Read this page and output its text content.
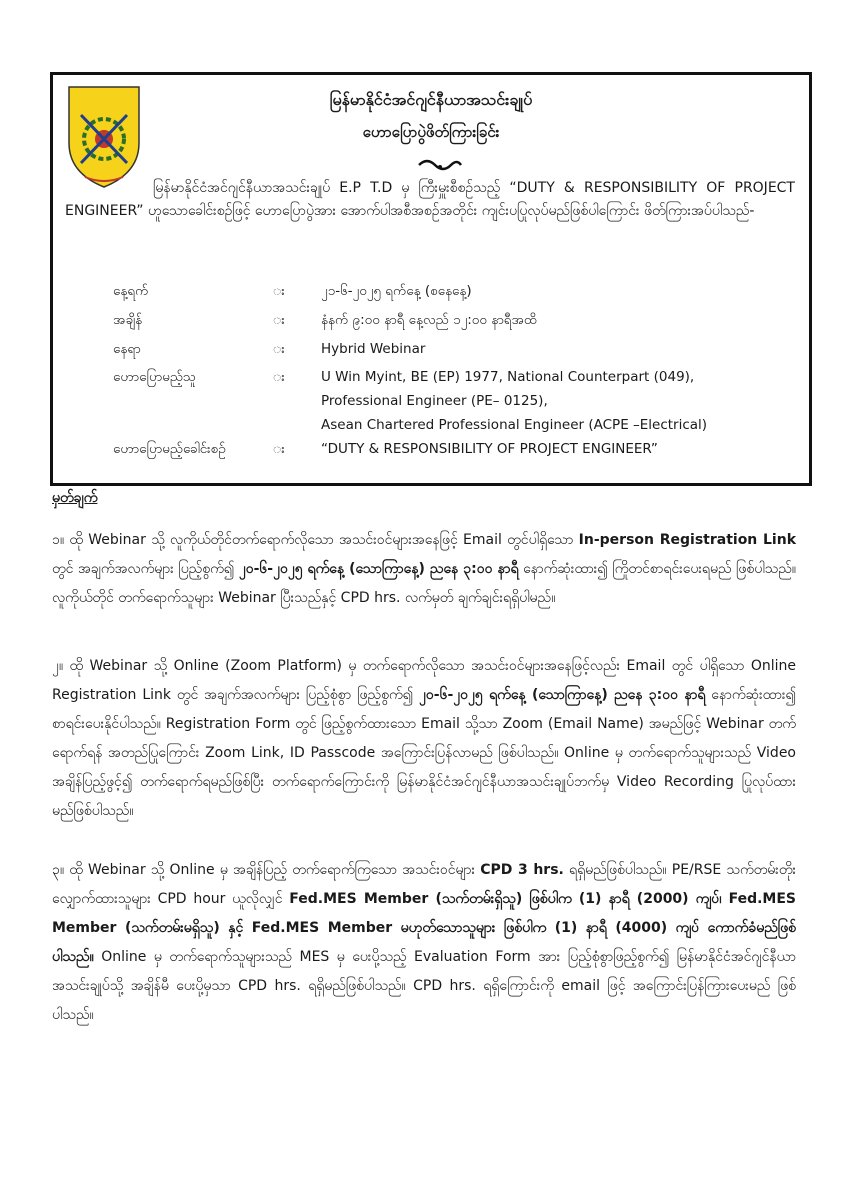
မြန်မာနိုင်ငံအင်ဂျင်နီယာအသင်းချုပ်
ဟောပြောပွဲဖိတ်ကြားခြင်း
မြန်မာနိုင်ငံအင်ဂျင်နီယာအသင်းချုပ် E.P T.D မှ ကြီးမှူးစီစဉ်သည့် “DUTY & RESPONSIBILITY OF PROJECT ENGINEER” ဟူသောခေါင်းစဉ်ဖြင့် ဟောပြောပွဲအား အောက်ပါအစီအစဉ်အတိုင်း ကျင်းပပြုလုပ်မည်ဖြစ်ပါကြောင်း ဖိတ်ကြားအပ်ပါသည်-
နေ့ရက်	း	၂၁-၆-၂၀၂၅ ရက်နေ့ (စနေနေ့)
အချိန်	း	နံနက် ၉:၀၀ နာရီ နေ့လည် ၁၂:၀၀ နာရီအထိ
နေရာ	း	Hybrid Webinar
ဟောပြောမည့်သူ	း	U Win Myint, BE (EP) 1977, National Counterpart (049),
Professional Engineer (PE– 0125),
Asean Chartered Professional Engineer (ACPE –Electrical)
ဟောပြောမည့်ခေါင်းစဉ်	း	“DUTY & RESPONSIBILITY OF PROJECT ENGINEER”
မှတ်ချက်
၁။ ထို Webinar သို့ လူကိုယ်တိုင်တက်ရောက်လိုသော အသင်းဝင်များအနေဖြင့် Email တွင်ပါရှိသော In-person Registration Link တွင် အချက်အလက်များ ပြည့်စွက်၍ ၂၀-၆-၂၀၂၅ ရက်နေ့ (သောကြာနေ့) ညနေ ၃:၀၀ နာရီ နောက်ဆုံးထား၍ ကြိုတင်စာရင်းပေးရမည် ဖြစ်ပါသည်။ လူကိုယ်တိုင် တက်ရောက်သူများ Webinar ပြီးသည်နှင့် CPD hrs. လက်မှတ် ချက်ချင်းရရှိပါမည်။
၂။ ထို Webinar သို့ Online (Zoom Platform) မှ တက်ရောက်လိုသော အသင်းဝင်များအနေဖြင့်လည်း Email တွင် ပါရှိသော Online Registration Link တွင် အချက်အလက်များ ပြည့်စုံစွာ ဖြည့်စွက်၍ ၂၀-၆-၂၀၂၅ ရက်နေ့ (သောကြာနေ့) ညနေ ၃:၀၀ နာရီ နောက်ဆုံးထား၍ စာရင်းပေးနိုင်ပါသည်။ Registration Form တွင် ဖြည့်စွက်ထားသော Email သို့သာ Zoom (Email Name) အမည်ဖြင့် Webinar တက်ရောက်ရန် အတည်ပြုကြောင်း Zoom Link, ID Passcode အကြောင်းပြန်လာမည် ဖြစ်ပါသည်။ Online မှ တက်ရောက်သူများသည် Video အချိန်ပြည့်ဖွင့်၍ တက်ရောက်ရမည်ဖြစ်ပြီး တက်ရောက်ကြောင်းကို မြန်မာနိုင်ငံအင်ဂျင်နီယာအသင်းချုပ်ဘက်မှ Video Recording ပြုလုပ်ထားမည်ဖြစ်ပါသည်။
၃။ ထို Webinar သို့ Online မှ အချိန်ပြည့် တက်ရောက်ကြသော အသင်းဝင်များ CPD 3 hrs. ရရှိမည်ဖြစ်ပါသည်။ PE/RSE သက်တမ်းတိုးလျှောက်ထားသူများ CPD hour ယူလိုလျှင် Fed.MES Member (သက်တမ်းရှိသူ) ဖြစ်ပါက (1) နာရီ (2000) ကျပ်၊ Fed.MES Member (သက်တမ်းမရှိသူ) နှင့် Fed.MES Member မဟုတ်သောသူများ ဖြစ်ပါက (1) နာရီ (4000) ကျပ် ကောက်ခံမည်ဖြစ်ပါသည်။ Online မှ တက်ရောက်သူများသည် MES မှ ပေးပို့သည့် Evaluation Form အား ပြည့်စုံစွာဖြည့်စွက်၍ မြန်မာနိုင်ငံအင်ဂျင်နီယာအသင်းချုပ်သို့ အချိန်မီ ပေးပို့မှသာ CPD hrs. ရရှိမည်ဖြစ်ပါသည်။ CPD hrs. ရရှိကြောင်းကို email ဖြင့် အကြောင်းပြန်ကြားပေးမည် ဖြစ်ပါသည်။
